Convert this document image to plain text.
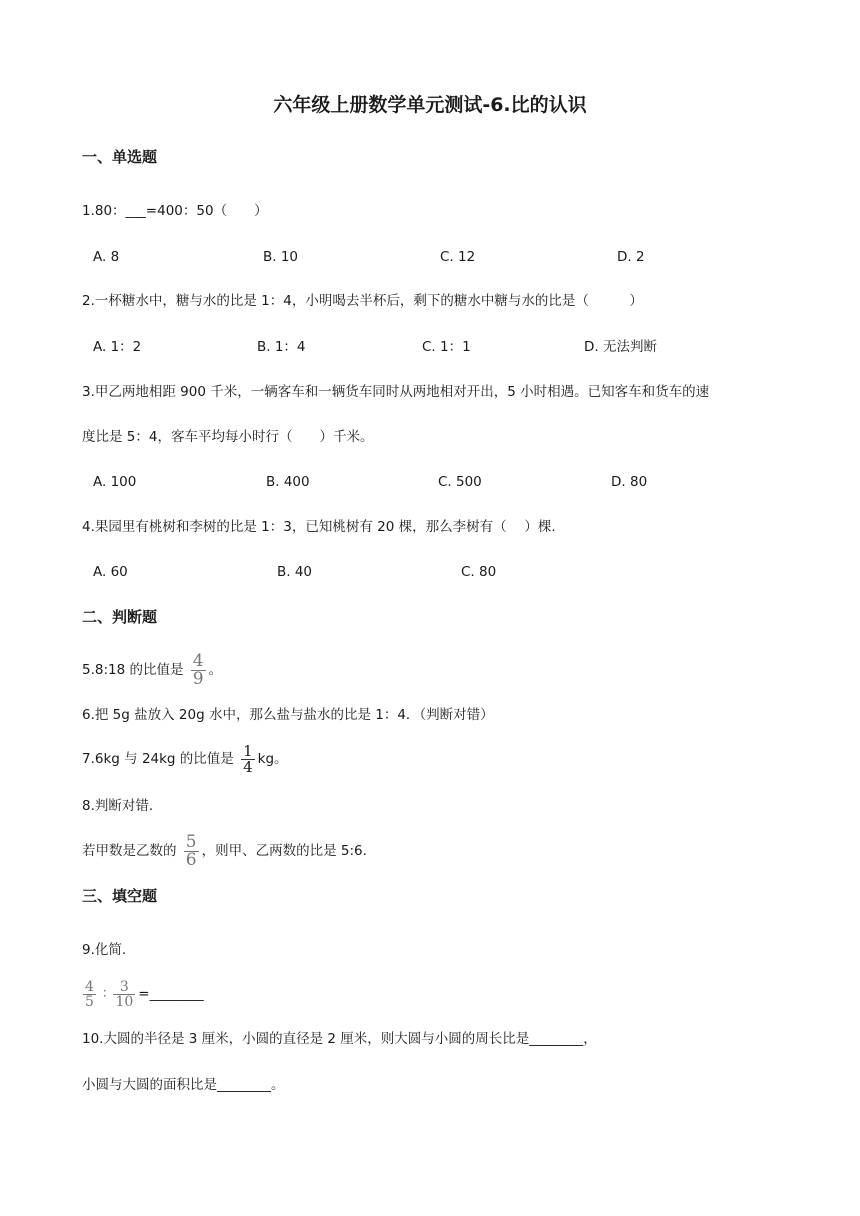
六年级上册数学单元测试-6.比的认识
一、单选题
1.80：___=400：50（　　）
A. 8	B. 10	C. 12	D. 2
2.一杯糖水中，糖与水的比是 1：4，小明喝去半杯后，剩下的糖水中糖与水的比是（　　　）
A. 1：2	B. 1：4	C. 1：1	D. 无法判断
3.甲乙两地相距 900 千米，一辆客车和一辆货车同时从两地相对开出，5 小时相遇。已知客车和货车的速
度比是 5：4，客车平均每小时行（　　）千米。
A. 100	B. 400	C. 500	D. 80
4.果园里有桃树和李树的比是 1：3，已知桃树有 20 棵，那么李树有（　 ）棵.
A. 60	B. 40	C. 80
二、判断题
5.8:18 的比值是 $\frac{4}{9}$ 。
6.把 5g 盐放入 20g 水中，那么盐与盐水的比是 1：4．（判断对错）
7.6kg 与 24kg 的比值是 $\frac{1}{4}$ kg。
8.判断对错.
若甲数是乙数的 $\frac{5}{6}$ ，则甲、乙两数的比是 5:6.
三、填空题
9.化简.
$\frac{4}{5}$ ∶ $\frac{3}{10}$ =________
10.大圆的半径是 3 厘米，小圆的直径是 2 厘米，则大圆与小圆的周长比是________，
小圆与大圆的面积比是________。
